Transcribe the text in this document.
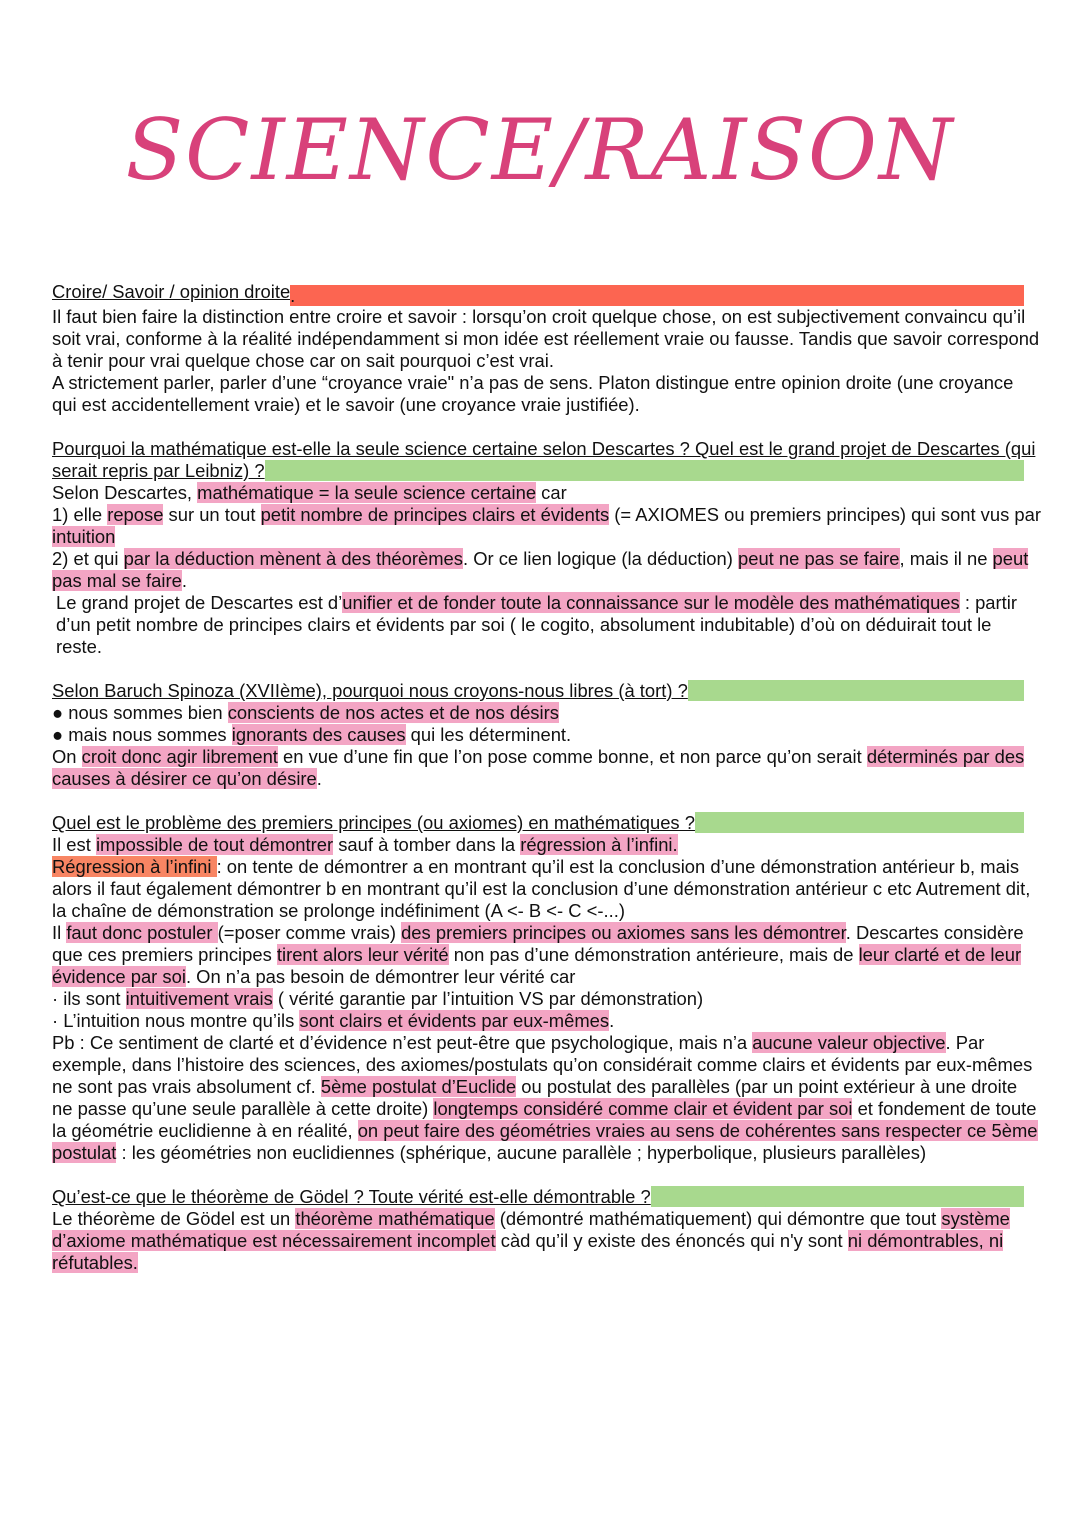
SCIENCE/RAISON
Croire/ Savoir / opinion droite.

Il faut bien faire la distinction entre croire et savoir : lorsqu’on croit quelque chose, on est subjectivement convaincu qu’il soit vrai, conforme à la réalité indépendamment si mon idée est réellement vraie ou fausse. Tandis que savoir correspond à tenir pour vrai quelque chose car on sait pourquoi c’est vrai.

A strictement parler, parler d’une “croyance vraie" n’a pas de sens. Platon distingue entre opinion droite (une croyance qui est accidentellement vraie) et le savoir (une croyance vraie justifiée).

Pourquoi la mathématique est-elle la seule science certaine selon Descartes ? Quel est le grand projet de Descartes (qui serait repris par Leibniz) ?

Selon Descartes, mathématique = la seule science certaine car

1) elle repose sur un tout petit nombre de principes clairs et évidents (= AXIOMES ou premiers principes) qui sont vus par intuition

2) et qui par la déduction mènent à des théorèmes. Or ce lien logique (la déduction) peut ne pas se faire, mais il ne peut pas mal se faire.

Le grand projet de Descartes est d’unifier et de fonder toute la connaissance sur le modèle des mathématiques : partir d’un petit nombre de principes clairs et évidents par soi ( le cogito, absolument indubitable) d’où on déduirait tout le reste.

Selon Baruch Spinoza (XVIIème), pourquoi nous croyons-nous libres (à tort) ?

● nous sommes bien conscients de nos actes et de nos désirs

● mais nous sommes ignorants des causes qui les déterminent.

On croit donc agir librement en vue d’une fin que l’on pose comme bonne, et non parce qu’on serait déterminés par des causes à désirer ce qu’on désire.

Quel est le problème des premiers principes (ou axiomes) en mathématiques ?

Il est impossible de tout démontrer sauf à tomber dans la régression à l’infini.

Régression à l’infini : on tente de démontrer a en montrant qu’il est la conclusion d’une démonstration antérieur b, mais alors il faut également démontrer b en montrant qu’il est la conclusion d’une démonstration antérieur c etc Autrement dit, la chaîne de démonstration se prolonge indéfiniment (A <- B <- C <-...)

Il faut donc postuler (=poser comme vrais) des premiers principes ou axiomes sans les démontrer. Descartes considère que ces premiers principes tirent alors leur vérité non pas d’une démonstration antérieure, mais de leur clarté et de leur évidence par soi. On n’a pas besoin de démontrer leur vérité car

· ils sont intuitivement vrais ( vérité garantie par l’intuition VS par démonstration)

· L’intuition nous montre qu’ils sont clairs et évidents par eux-mêmes.

Pb : Ce sentiment de clarté et d’évidence n’est peut-être que psychologique, mais n’a aucune valeur objective. Par exemple, dans l’histoire des sciences, des axiomes/postulats qu’on considérait comme clairs et évidents par eux-mêmes ne sont pas vrais absolument cf. 5ème postulat d’Euclide ou postulat des parallèles (par un point extérieur à une droite ne passe qu’une seule parallèle à cette droite) longtemps considéré comme clair et évident par soi et fondement de toute la géométrie euclidienne à en réalité, on peut faire des géométries vraies au sens de cohérentes sans respecter ce 5ème postulat : les géométries non euclidiennes (sphérique, aucune parallèle ; hyperbolique, plusieurs parallèles)

Qu’est-ce que le théorème de Gödel ? Toute vérité est-elle démontrable ?

Le théorème de Gödel est un théorème mathématique (démontré mathématiquement) qui démontre que tout système d’axiome mathématique est nécessairement incomplet càd qu’il y existe des énoncés qui n'y sont ni démontrables, ni réfutables.
